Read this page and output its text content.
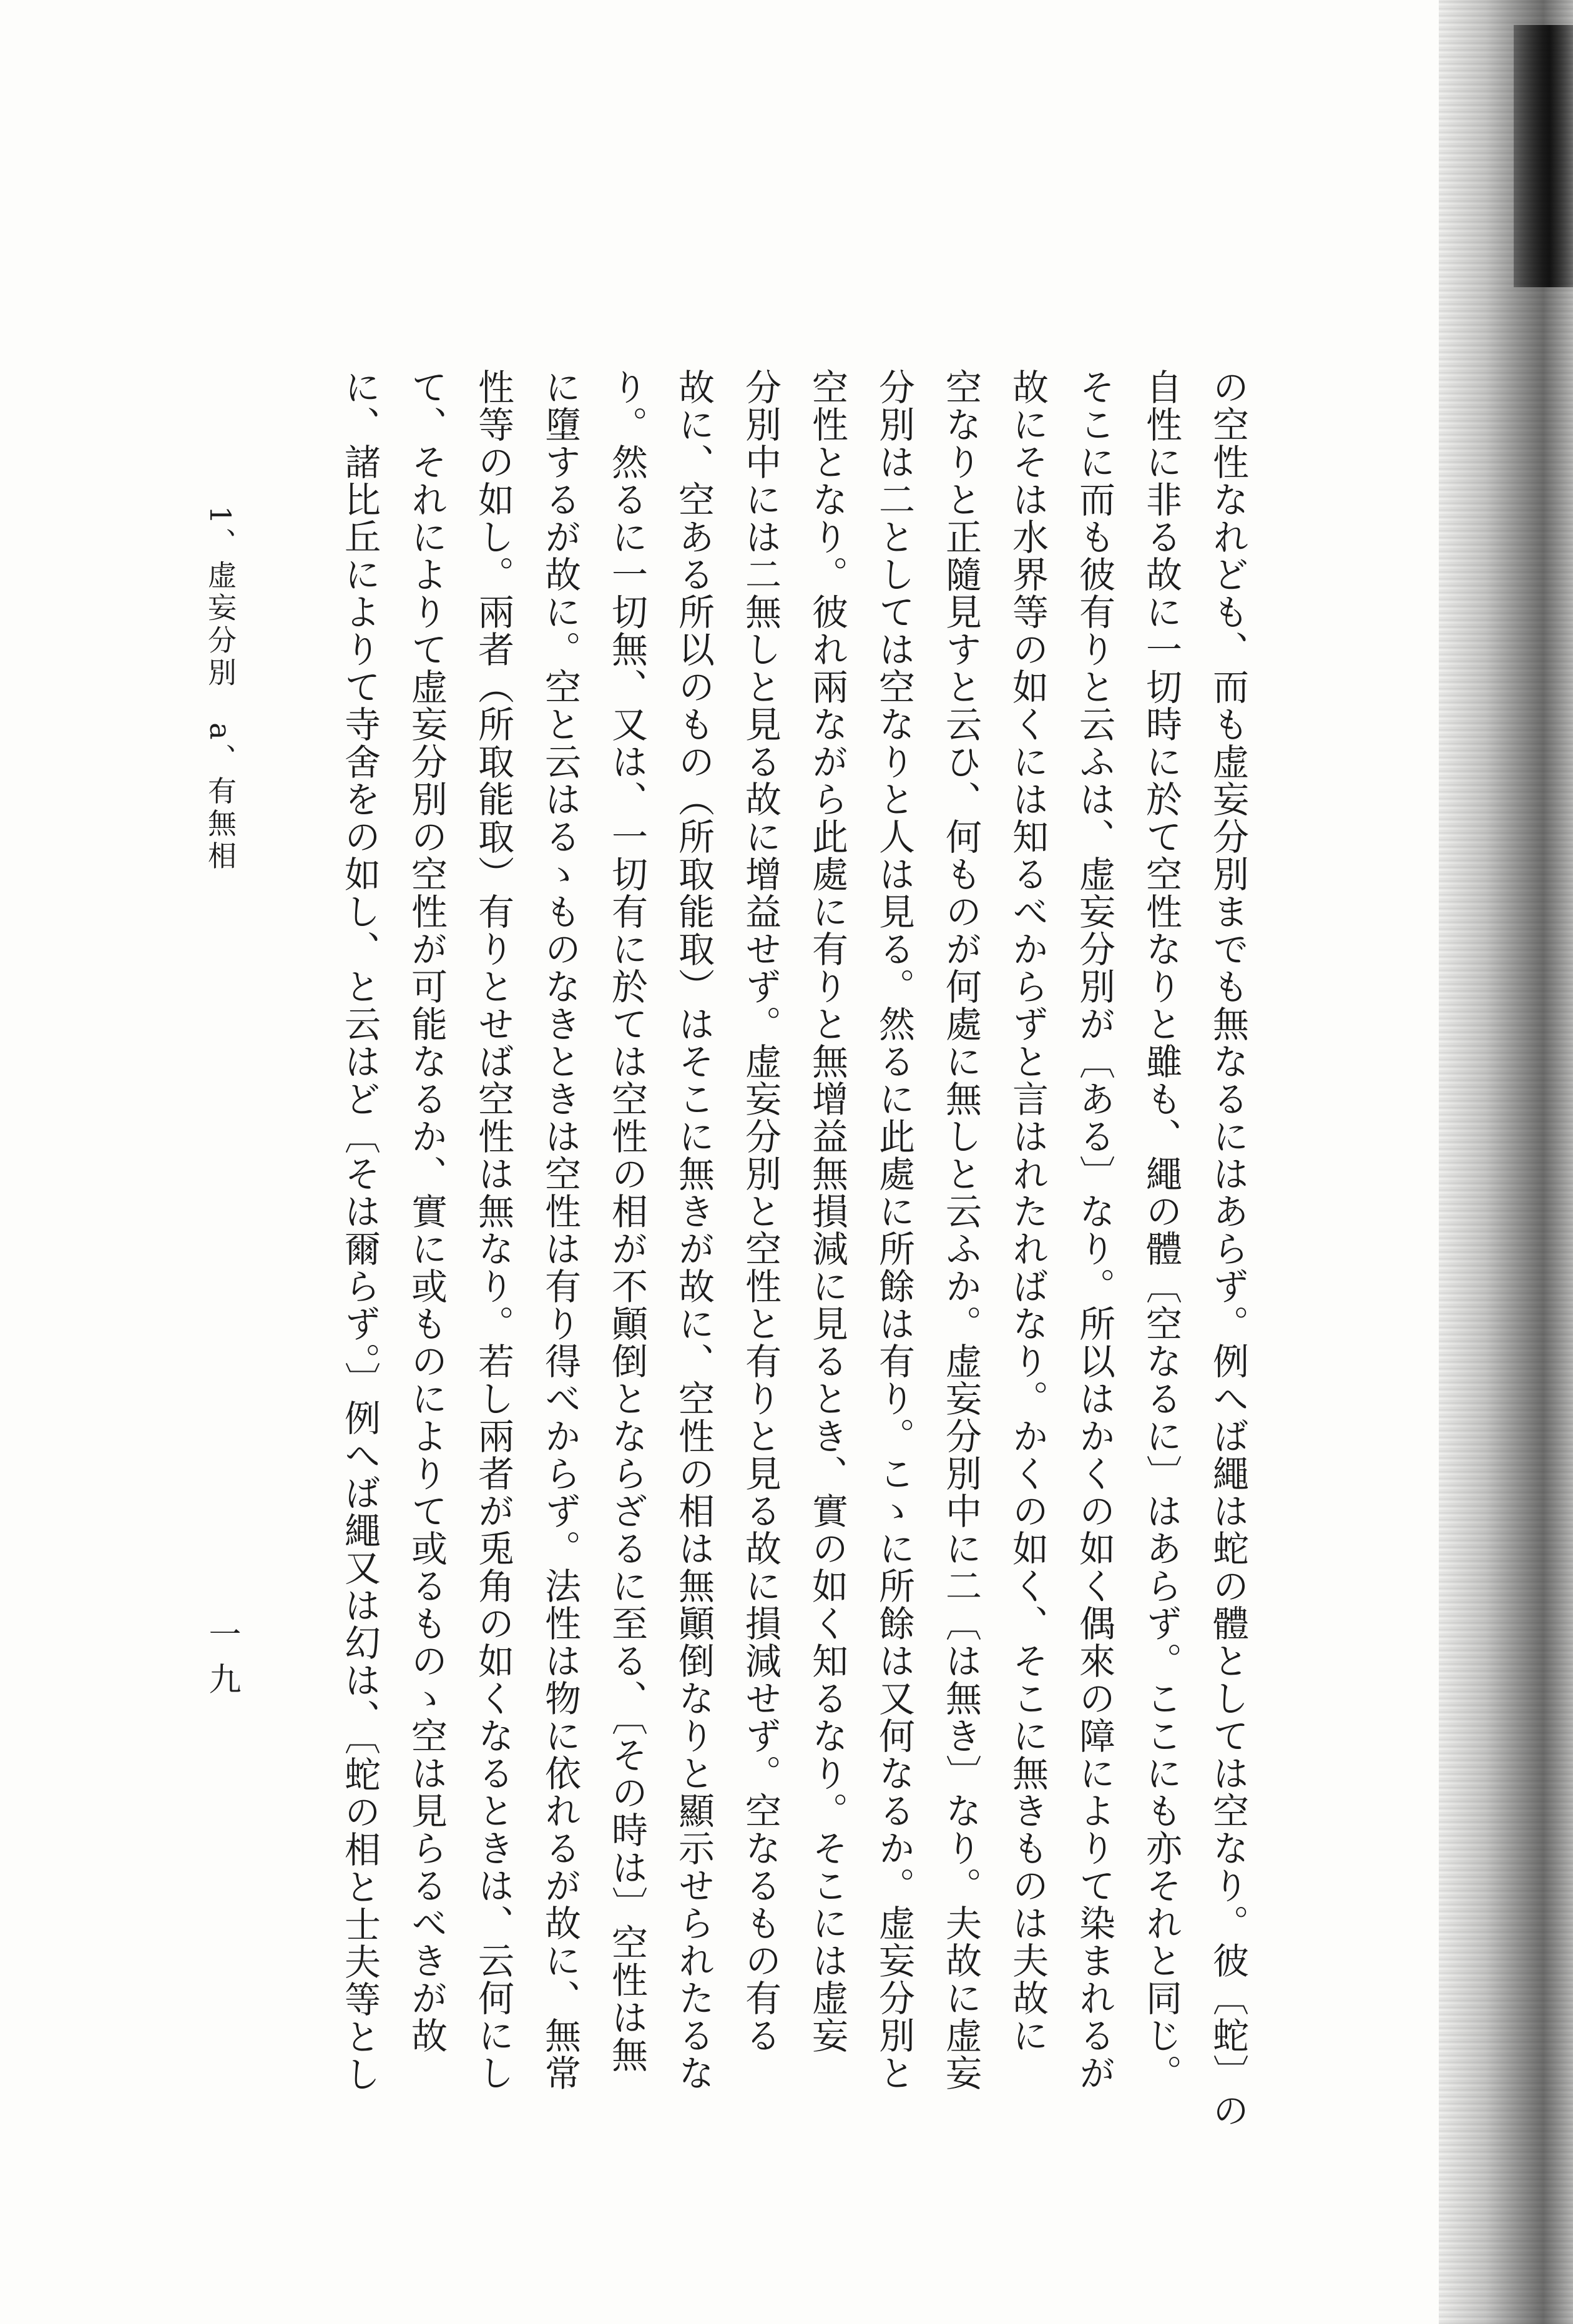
の空性なれども、而も虚妄分別までも無なるにはあらず。例へば繩は蛇の體としては空なり。彼〔蛇〕の
自性に非る故に一切時に於て空性なりと雖も、繩の體〔空なるに〕はあらず。ここにも亦それと同じ。
そこに而も彼有りと云ふは、虚妄分別が〔ある〕なり。所以はかくの如く偶來の障によりて染まれるが
故にそは水界等の如くには知るべからずと言はれたればなり。かくの如く、そこに無きものは夫故に
空なりと正隨見すと云ひ、何ものが何處に無しと云ふか。虚妄分別中に二〔は無き〕なり。夫故に虚妄
分別は二としては空なりと人は見る。然るに此處に所餘は有り。こゝに所餘は又何なるか。虚妄分別と
空性となり。彼れ兩ながら此處に有りと無增益無損減に見るとき、實の如く知るなり。そこには虚妄
分別中には二無しと見る故に增益せず。虚妄分別と空性と有りと見る故に損減せず。空なるもの有る
故に、空ある所以のもの（所取能取）はそこに無きが故に、空性の相は無顚倒なりと顯示せられたるな
り。然るに一切無、又は、一切有に於ては空性の相が不顚倒とならざるに至る、〔その時は〕空性は無
に墮するが故に。空と云はるゝものなきときは空性は有り得べからず。法性は物に依れるが故に、無常
性等の如し。兩者（所取能取）有りとせば空性は無なり。若し兩者が兎角の如くなるときは、云何にし
て、それによりて虚妄分別の空性が可能なるか、實に或ものによりて或るものゝ空は見らるべきが故
に、諸比丘によりて寺舍をの如し、と云はど〔そは爾らず。〕例へば繩又は幻は、〔蛇の相と士夫等とし
1、虚妄分別　a、有無相
一九
